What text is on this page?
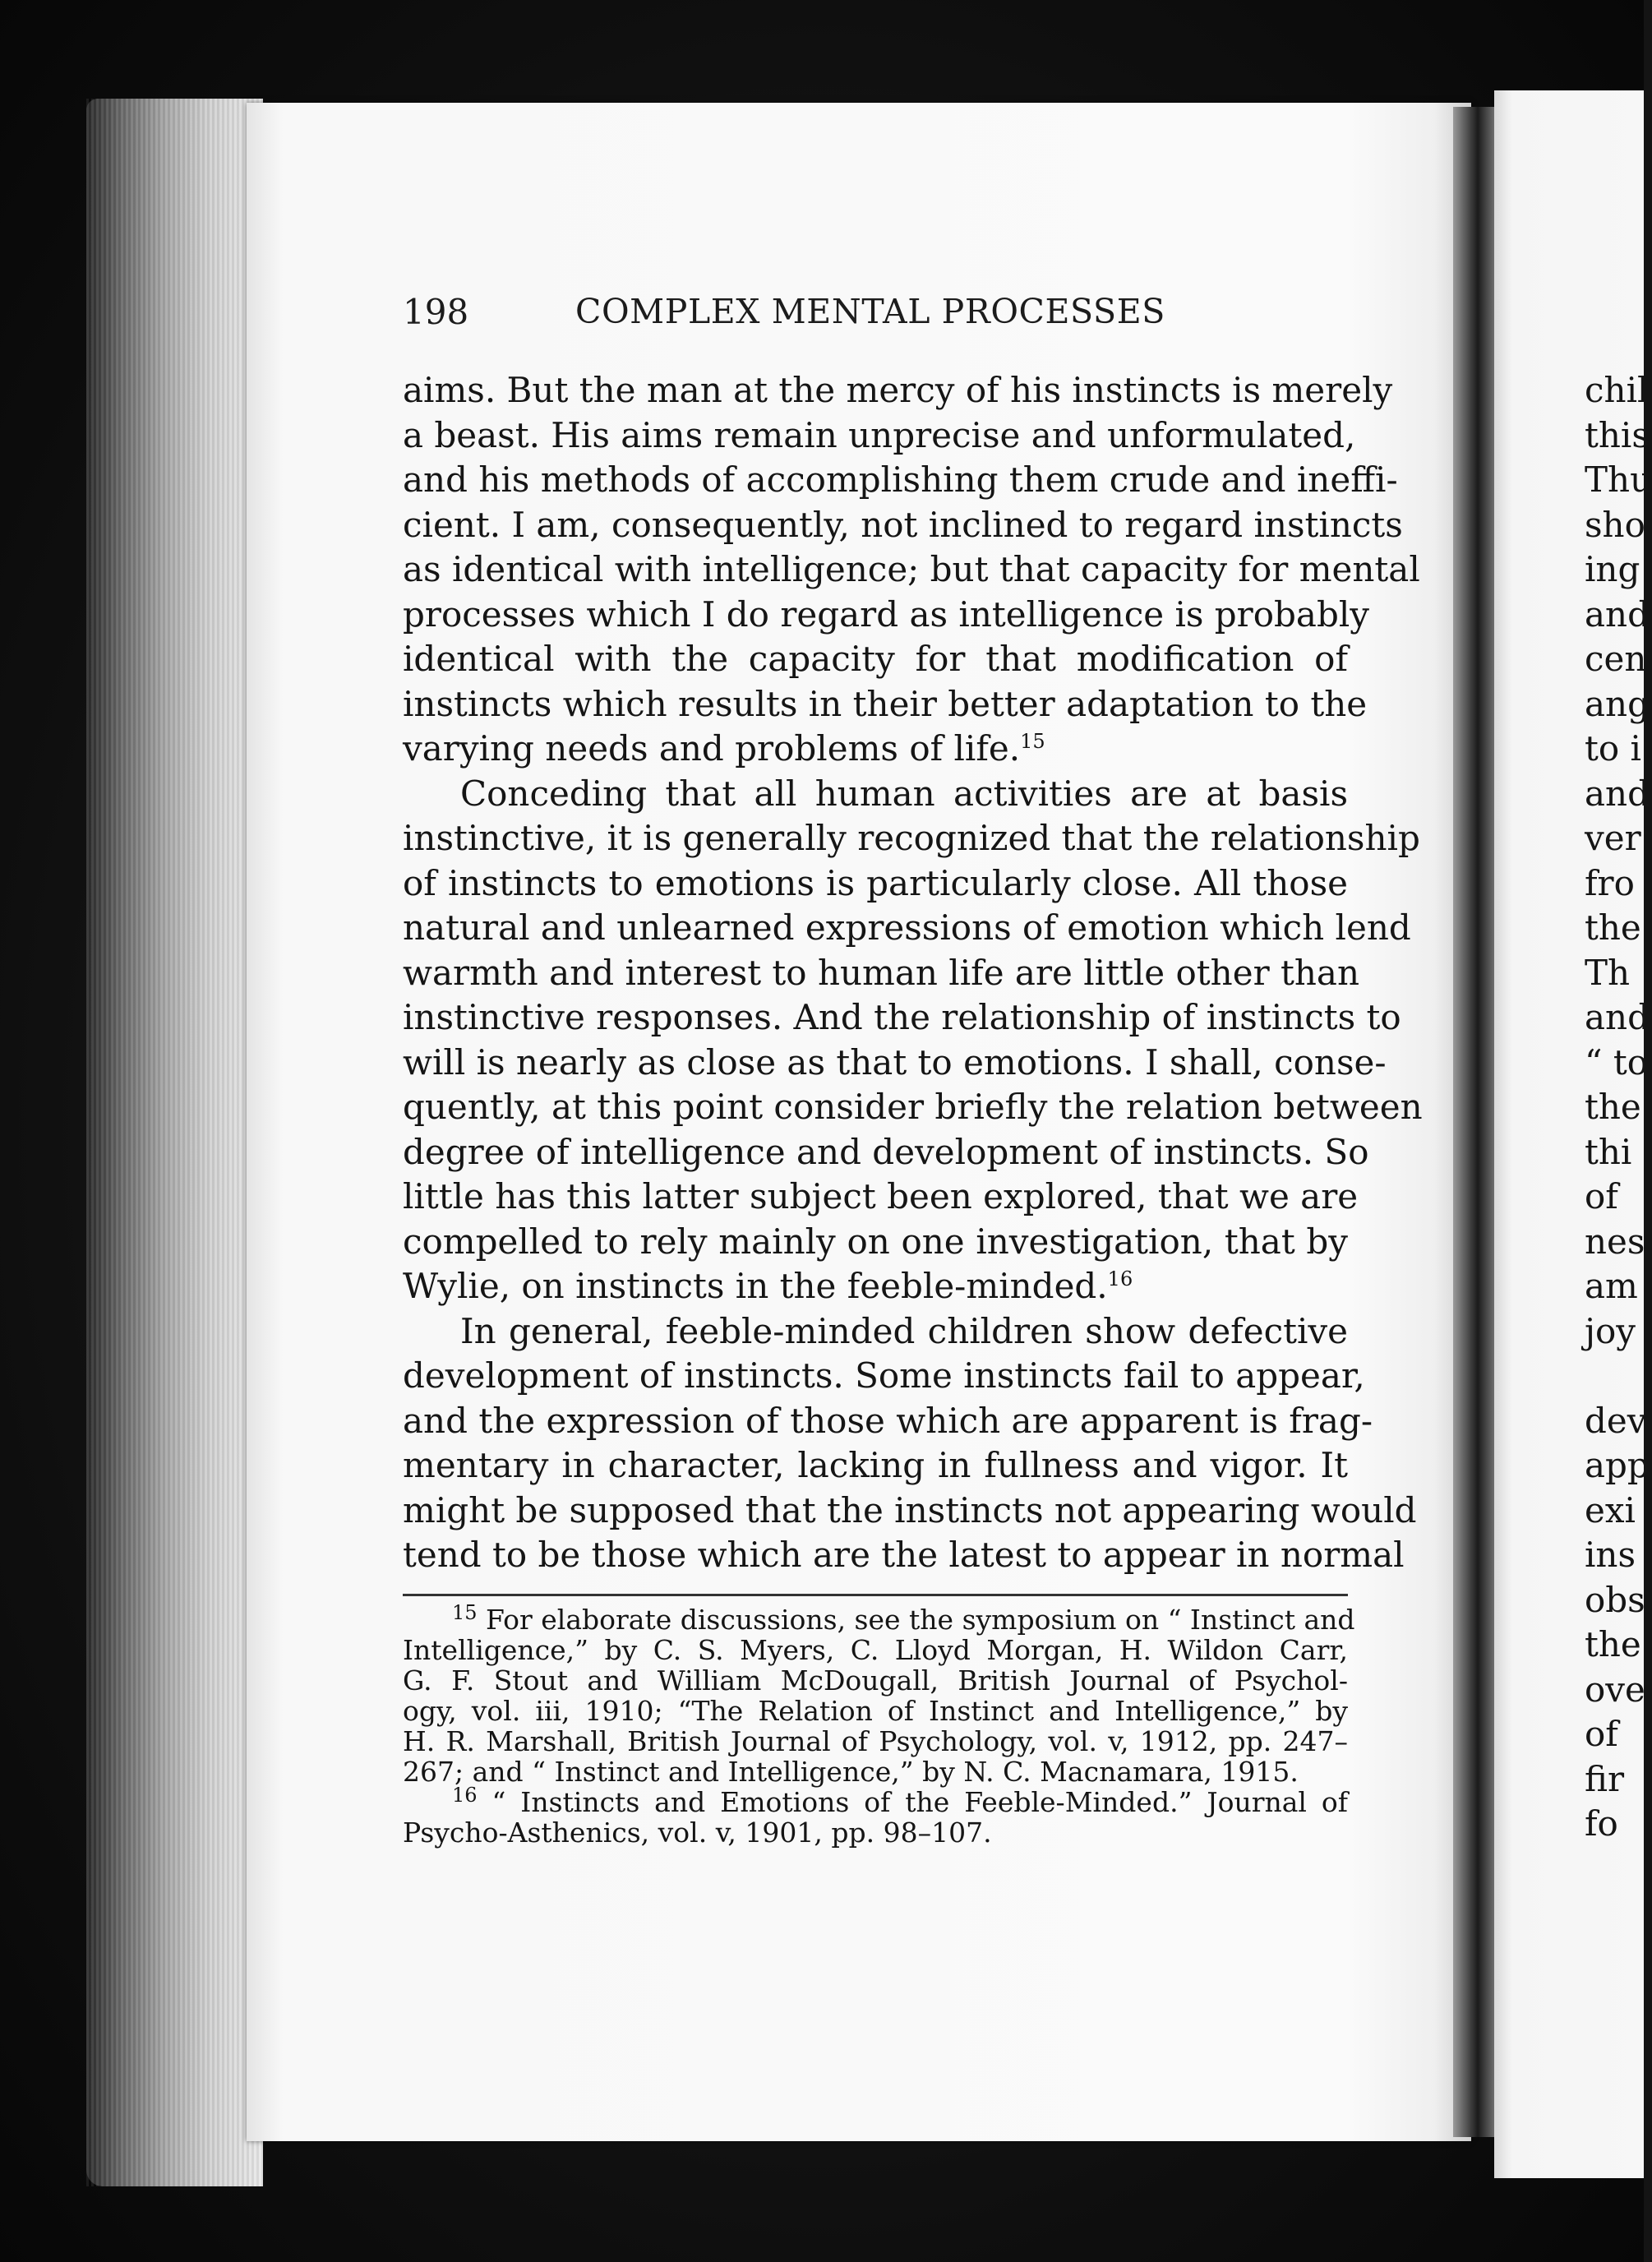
198	COMPLEX MENTAL PROCESSES

aims. But the man at the mercy of his instincts is merely
a beast. His aims remain unprecise and unformulated,
and his methods of accomplishing them crude and ineffi-
cient. I am, consequently, not inclined to regard instincts
as identical with intelligence; but that capacity for mental
processes which I do regard as intelligence is probably
identical with the capacity for that modification of
instincts which results in their better adaptation to the
varying needs and problems of life.$^{15}$

Conceding that all human activities are at basis
instinctive, it is generally recognized that the relationship
of instincts to emotions is particularly close. All those
natural and unlearned expressions of emotion which lend
warmth and interest to human life are little other than
instinctive responses. And the relationship of instincts to
will is nearly as close as that to emotions. I shall, conse-
quently, at this point consider briefly the relation between
degree of intelligence and development of instincts. So
little has this latter subject been explored, that we are
compelled to rely mainly on one investigation, that by
Wylie, on instincts in the feeble-minded.$^{16}$

In general, feeble-minded children show defective
development of instincts. Some instincts fail to appear,
and the expression of those which are apparent is frag-
mentary in character, lacking in fullness and vigor. It
might be supposed that the instincts not appearing would
tend to be those which are the latest to appear in normal

$^{15}$ For elaborate discussions, see the symposium on “ Instinct and
Intelligence,” by C. S. Myers, C. Lloyd Morgan, H. Wildon Carr,
G. F. Stout and William McDougall, British Journal of Psychol-
ogy, vol. iii, 1910; “The Relation of Instinct and Intelligence,” by
H. R. Marshall, British Journal of Psychology, vol. v, 1912, pp. 247–
267; and “ Instinct and Intelligence,” by N. C. Macnamara, 1915.
$^{16}$ “ Instincts and Emotions of the Feeble-Minded.” Journal of
Psycho-Asthenics, vol. v, 1901, pp. 98–107.
chil
this
Thu
sho
ing
and
cen
ang
to i
and
ver
fro
the
Th
and
“ to
the
thi
of
nes
am
joy
dev
app
exi
ins
obs
the
ove
of
fir
fo
